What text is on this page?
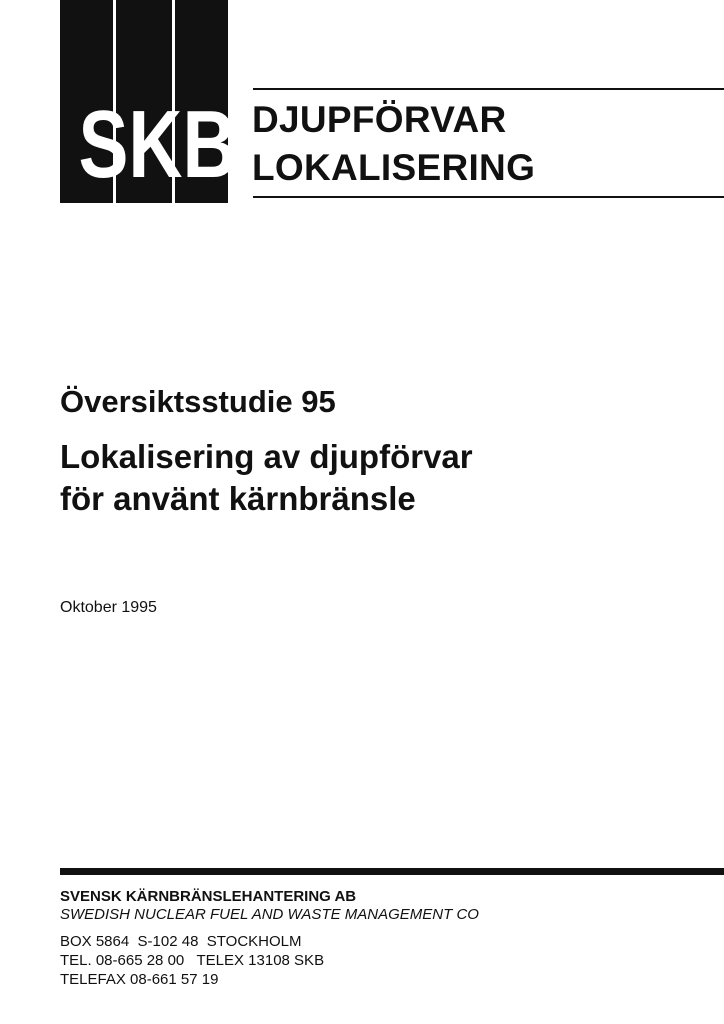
S K B DJUPFÖRVAR
LOKALISERING
Översiktsstudie 95
Lokalisering av djupförvar
för använt kärnbränsle
Oktober 1995
SVENSK KÄRNBRÄNSLEHANTERING AB
SWEDISH NUCLEAR FUEL AND WASTE MANAGEMENT CO
BOX 5864  S-102 48  STOCKHOLM
TEL. 08-665 28 00   TELEX 13108 SKB
TELEFAX 08-661 57 19
